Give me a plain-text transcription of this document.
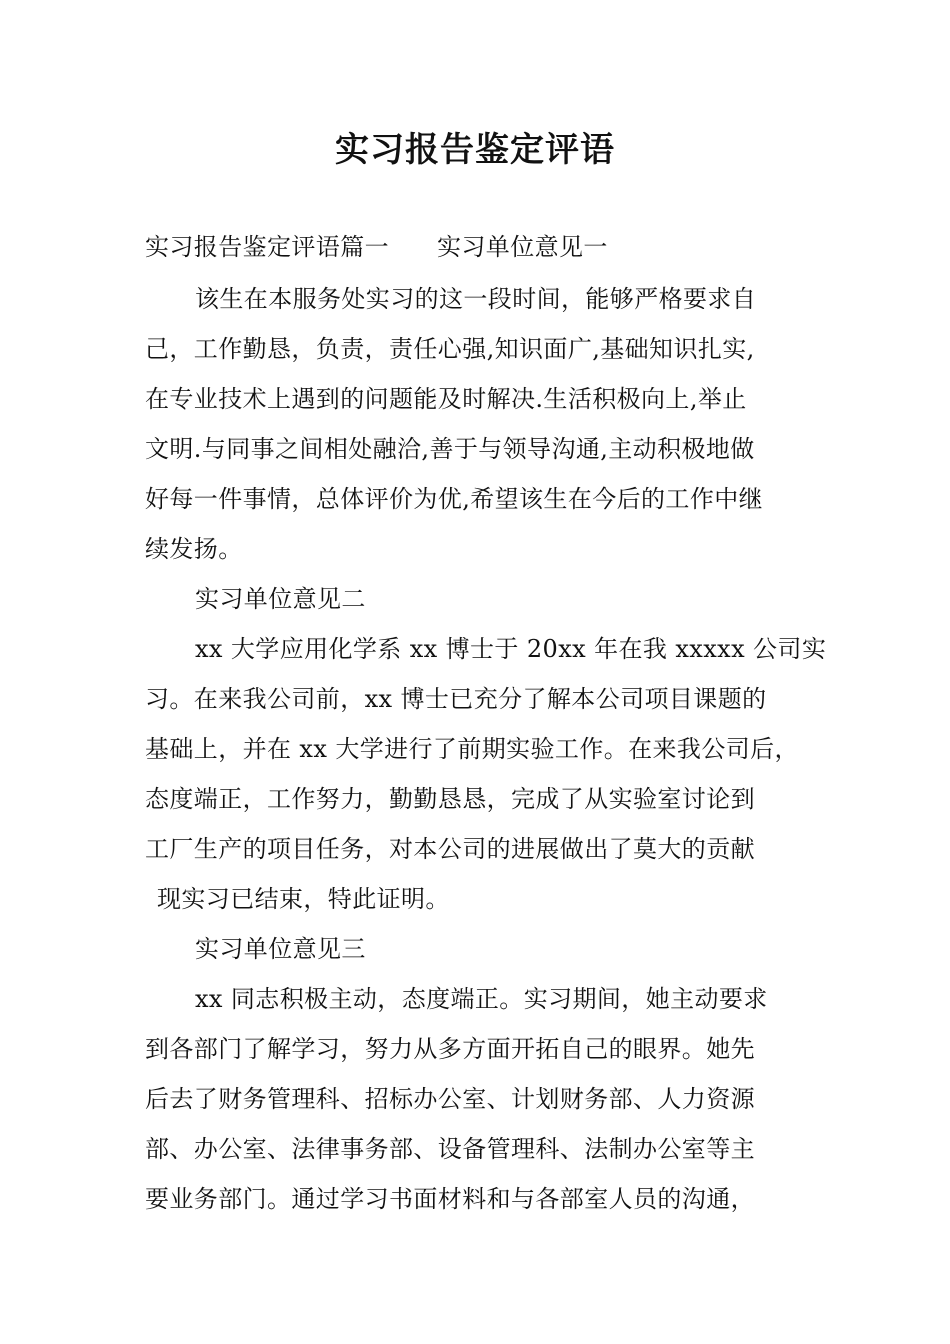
实习报告鉴定评语
实习报告鉴定评语篇一 实习单位意见一
该生在本服务处实习的这一段时间，能够严格要求自
己，工作勤恳，负责，责任心强,知识面广,基础知识扎实,
在专业技术上遇到的问题能及时解决.生活积极向上,举止
文明.与同事之间相处融洽,善于与领导沟通,主动积极地做
好每一件事情，总体评价为优,希望该生在今后的工作中继
续发扬。
实习单位意见二
xx 大学应用化学系 xx 博士于 20xx 年在我 xxxxx 公司实
习。在来我公司前，xx 博士已充分了解本公司项目课题的
基础上，并在 xx 大学进行了前期实验工作。在来我公司后，
态度端正，工作努力，勤勤恳恳，完成了从实验室讨论到
工厂生产的项目任务，对本公司的进展做出了莫大的贡献
现实习已结束，特此证明。
实习单位意见三
xx 同志积极主动，态度端正。实习期间，她主动要求
到各部门了解学习，努力从多方面开拓自己的眼界。她先
后去了财务管理科、招标办公室、计划财务部、人力资源
部、办公室、法律事务部、设备管理科、法制办公室等主
要业务部门。通过学习书面材料和与各部室人员的沟通，
